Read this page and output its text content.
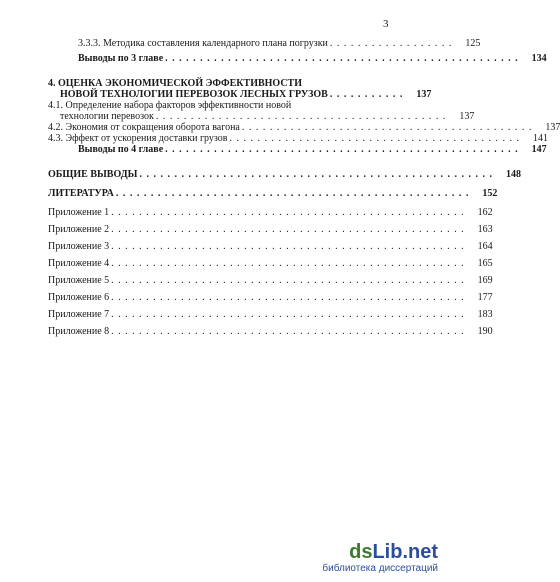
3
3.3.3. Методика составления календарного плана погрузки . . . . . . . . . . . . . . . . . .	125
Выводы по 3 главе . . . . . . . . . . . . . . . . . . . . . . . . . . . . . . . . . . . . . . . . . . . . . . . . . . .	134
4. ОЦЕНКА ЭКОНОМИЧЕСКОЙ ЭФФЕКТИВНОСТИ
НОВОЙ ТЕХНОЛОГИИ ПЕРЕВОЗОК ЛЕСНЫХ ГРУЗОВ . . . . . . . . . . .	137
4.1. Определение набора факторов эффективности новой
технологии перевозок . . . . . . . . . . . . . . . . . . . . . . . . . . . . . . . . . . . . . . . . . .	137
4.2. Экономия от сокращения оборота вагона . . . . . . . . . . . . . . . . . . . . . . . . . . . . . . . . . . . . . . . . . .	137
4.3. Эффект от ускорения доставки грузов . . . . . . . . . . . . . . . . . . . . . . . . . . . . . . . . . . . . . . . . . .	141
Выводы по 4 главе . . . . . . . . . . . . . . . . . . . . . . . . . . . . . . . . . . . . . . . . . . . . . . . . . . .	147
ОБЩИЕ ВЫВОДЫ . . . . . . . . . . . . . . . . . . . . . . . . . . . . . . . . . . . . . . . . . . . . . . . . . . .	148
ЛИТЕРАТУРА . . . . . . . . . . . . . . . . . . . . . . . . . . . . . . . . . . . . . . . . . . . . . . . . . . .	152
Приложение 1 . . . . . . . . . . . . . . . . . . . . . . . . . . . . . . . . . . . . . . . . . . . . . . . . . . .	162
Приложение 2 . . . . . . . . . . . . . . . . . . . . . . . . . . . . . . . . . . . . . . . . . . . . . . . . . . .	163
Приложение 3 . . . . . . . . . . . . . . . . . . . . . . . . . . . . . . . . . . . . . . . . . . . . . . . . . . .	164
Приложение 4 . . . . . . . . . . . . . . . . . . . . . . . . . . . . . . . . . . . . . . . . . . . . . . . . . . .	165
Приложение 5 . . . . . . . . . . . . . . . . . . . . . . . . . . . . . . . . . . . . . . . . . . . . . . . . . . .	169
Приложение 6 . . . . . . . . . . . . . . . . . . . . . . . . . . . . . . . . . . . . . . . . . . . . . . . . . . .	177
Приложение 7 . . . . . . . . . . . . . . . . . . . . . . . . . . . . . . . . . . . . . . . . . . . . . . . . . . .	183
Приложение 8 . . . . . . . . . . . . . . . . . . . . . . . . . . . . . . . . . . . . . . . . . . . . . . . . . . .	190
dsLib.net
библиотека диссертаций
